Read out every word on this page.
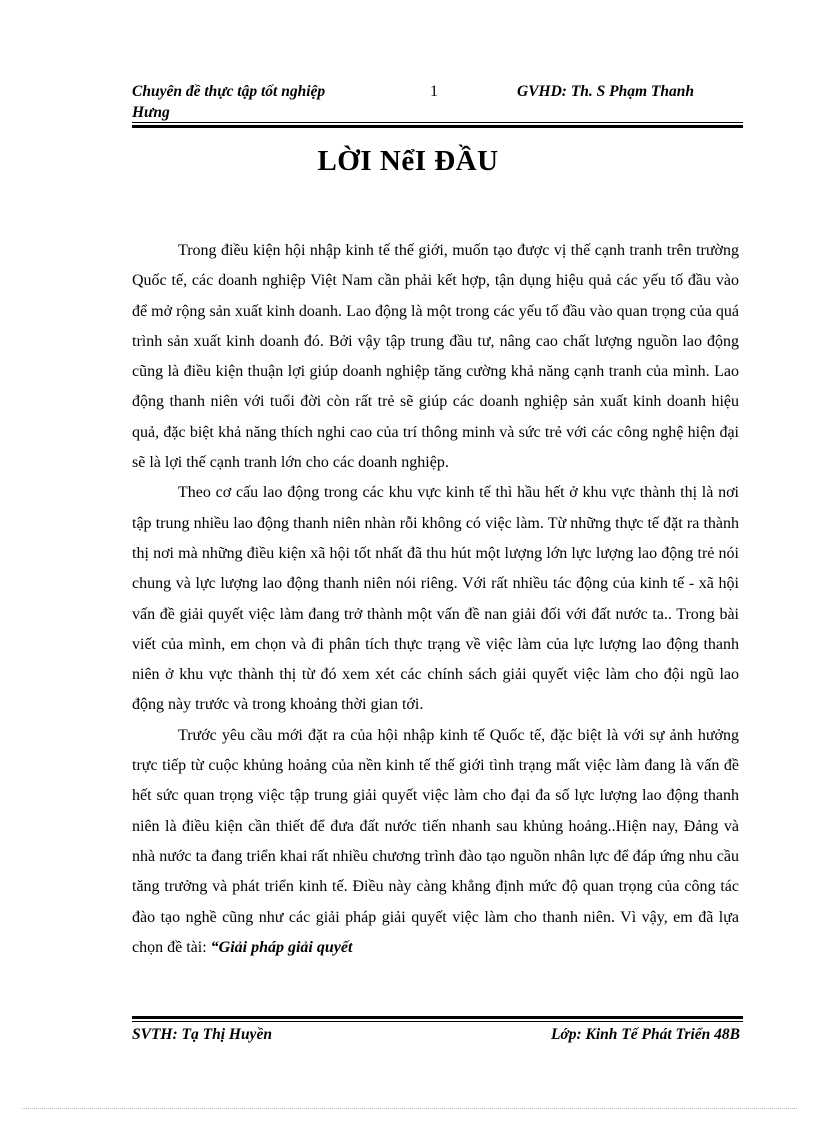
Chuyên đề thực tập tốt nghiệp Hưng
1	GVHD: Th. S Phạm Thanh
LỜI NểI ĐẦU

Trong điều kiện hội nhập kinh tế thế giới, muốn tạo được vị thế cạnh tranh trên trường Quốc tế, các doanh nghiệp Việt Nam cần phải kết hợp, tận dụng hiệu quả các yếu tố đầu vào để mở rộng sản xuất kinh doanh. Lao động là một trong các yếu tố đầu vào quan trọng của quá trình sản xuất kinh doanh đó. Bởi vậy tập trung đầu tư, nâng cao chất lượng nguồn lao động cũng là điều kiện thuận lợi giúp doanh nghiệp tăng cường khả năng cạnh tranh của mình. Lao động thanh niên với tuổi đời còn rất trẻ sẽ giúp các doanh nghiệp sản xuất kinh doanh hiệu quả, đặc biệt khả năng thích nghi cao của trí thông minh và sức trẻ với các công nghệ hiện đại sẽ là lợi thế cạnh tranh lớn cho các doanh nghiệp.

Theo cơ cấu lao động trong các khu vực kinh tế thì hầu hết ở khu vực thành thị là nơi tập trung nhiều lao động thanh niên nhàn rỗi không có việc làm. Từ những thực tế đặt ra thành thị nơi mà những điều kiện xã hội tốt nhất đã thu hút một lượng lớn lực lượng lao động trẻ nói chung và lực lượng lao động thanh niên nói riêng. Với rất nhiều tác động của kinh tế - xã hội vấn đề giải quyết việc làm đang trở thành một vấn đề nan giải đối với đất nước ta.. Trong bài viết của mình, em chọn và đi phân tích thực trạng về việc làm của lực lượng lao động thanh niên ở khu vực thành thị từ đó xem xét các chính sách giải quyết việc làm cho đội ngũ lao động này trước và trong khoảng thời gian tới.

Trước yêu cầu mới đặt ra của hội nhập kinh tế Quốc tế, đặc biệt là với sự ảnh hưởng trực tiếp từ cuộc khủng hoảng của nền kinh tế thế giới tình trạng mất việc làm đang là vấn đề hết sức quan trọng việc tập trung giải quyết việc làm cho đại đa số lực lượng lao động thanh niên là điều kiện cần thiết để đưa đất nước tiến nhanh sau khủng hoảng..Hiện nay, Đảng và nhà nước ta đang triển khai rất nhiều chương trình đào tạo nguồn nhân lực để đáp ứng nhu cầu tăng trưởng và phát triển kinh tế. Điều này càng khẳng định mức độ quan trọng của công tác đào tạo nghề cũng như các giải pháp giải quyết việc làm cho thanh niên. Vì vậy, em đã lựa chọn đề tài: “Giải pháp giải quyết

SVTH: Tạ Thị Huyền	Lớp: Kinh Tế Phát Triển 48B
